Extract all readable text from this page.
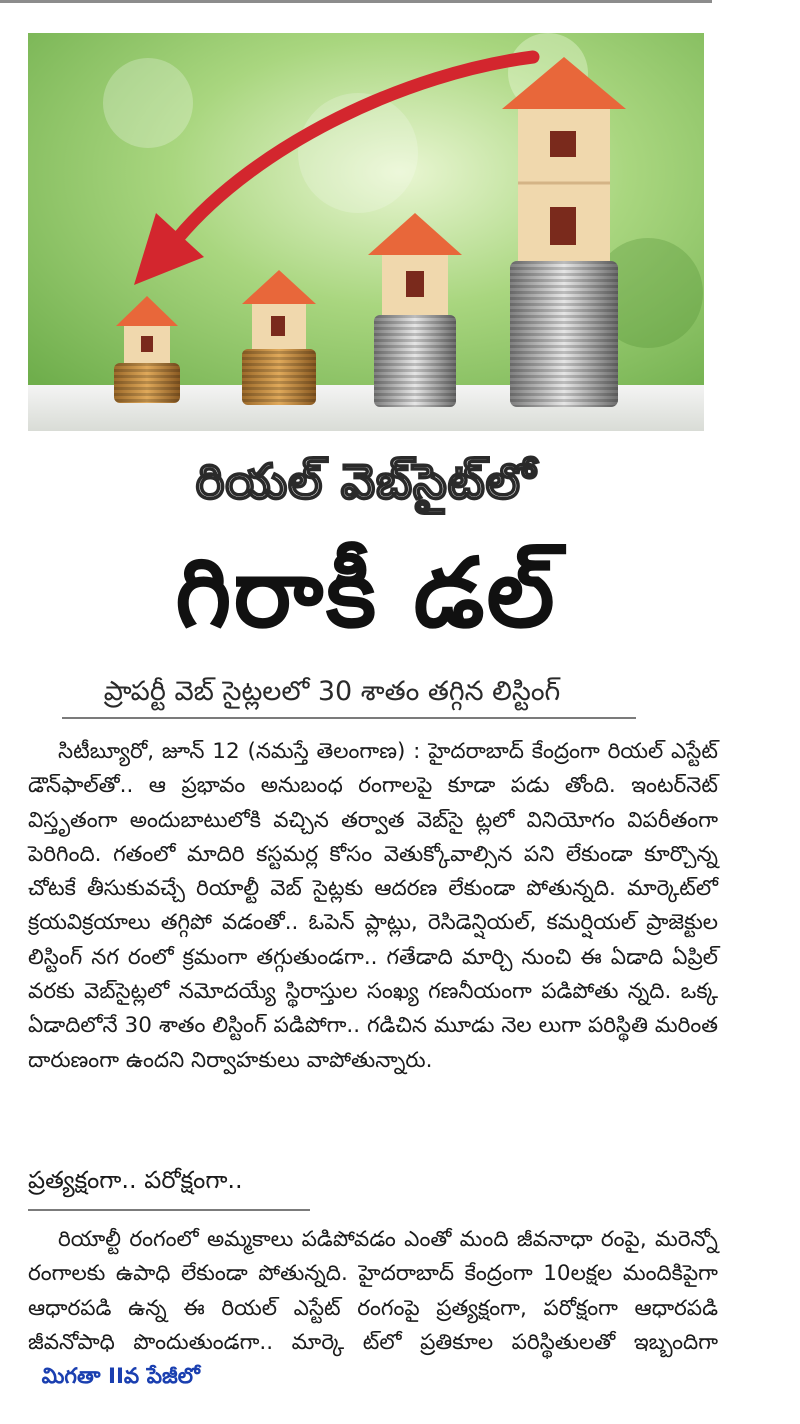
రియల్ వెబ్‌సైట్‌లో
గిరాకీ డల్
ప్రాపర్టీ వెబ్ సైట్లలలో 30 శాతం తగ్గిన లిస్టింగ్
సిటీబ్యూరో, జూన్ 12 (నమస్తే తెలంగాణ) : హైదరాబాద్ కేంద్రంగా రియల్ ఎస్టేట్ డౌన్‌ఫాల్‌తో.. ఆ ప్రభావం అనుబంధ రంగాలపై కూడా పడు తోంది. ఇంటర్‌నెట్ విస్తృతంగా అందుబాటులోకి వచ్చిన తర్వాత వెబ్‌సై ట్లలో వినియోగం విపరీతంగా పెరిగింది. గతంలో మాదిరి కస్టమర్ల కోసం వెతుక్కోవాల్సిన పని లేకుండా కూర్చొన్న చోటకే తీసుకువచ్చే రియాల్టీ వెబ్ సైట్లకు ఆదరణ లేకుండా పోతున్నది. మార్కెట్‌లో క్రయవిక్రయాలు తగ్గిపో వడంతో.. ఓపెన్ ప్లాట్లు, రెసిడెన్షియల్, కమర్షియల్ ప్రాజెక్టుల లిస్టింగ్ నగ రంలో క్రమంగా తగ్గుతుండగా.. గతేడాది మార్చి నుంచి ఈ ఏడాది ఏప్రిల్ వరకు వెబ్‌సైట్లలో నమోదయ్యే స్థిరాస్తుల సంఖ్య గణనీయంగా పడిపోతు న్నది. ఒక్క ఏడాదిలోనే 30 శాతం లిస్టింగ్ పడిపోగా.. గడిచిన మూడు నెల లుగా పరిస్థితి మరింత దారుణంగా ఉందని నిర్వాహకులు వాపోతున్నారు.
ప్రత్యక్షంగా.. పరోక్షంగా..
రియాల్టీ రంగంలో అమ్మకాలు పడిపోవడం ఎంతో మంది జీవనాధా రంపై, మరెన్నో రంగాలకు ఉపాధి లేకుండా పోతున్నది. హైదరాబాద్ కేంద్రంగా 10లక్షల మందికిపైగా ఆధారపడి ఉన్న ఈ రియల్ ఎస్టేట్ రంగంపై ప్రత్యక్షంగా, పరోక్షంగా ఆధారపడి జీవనోపాధి పొందుతుండగా.. మార్కె ట్‌లో ప్రతికూల పరిస్థితులతో ఇబ్బందిగా   మిగతా IIవ పేజీలో
